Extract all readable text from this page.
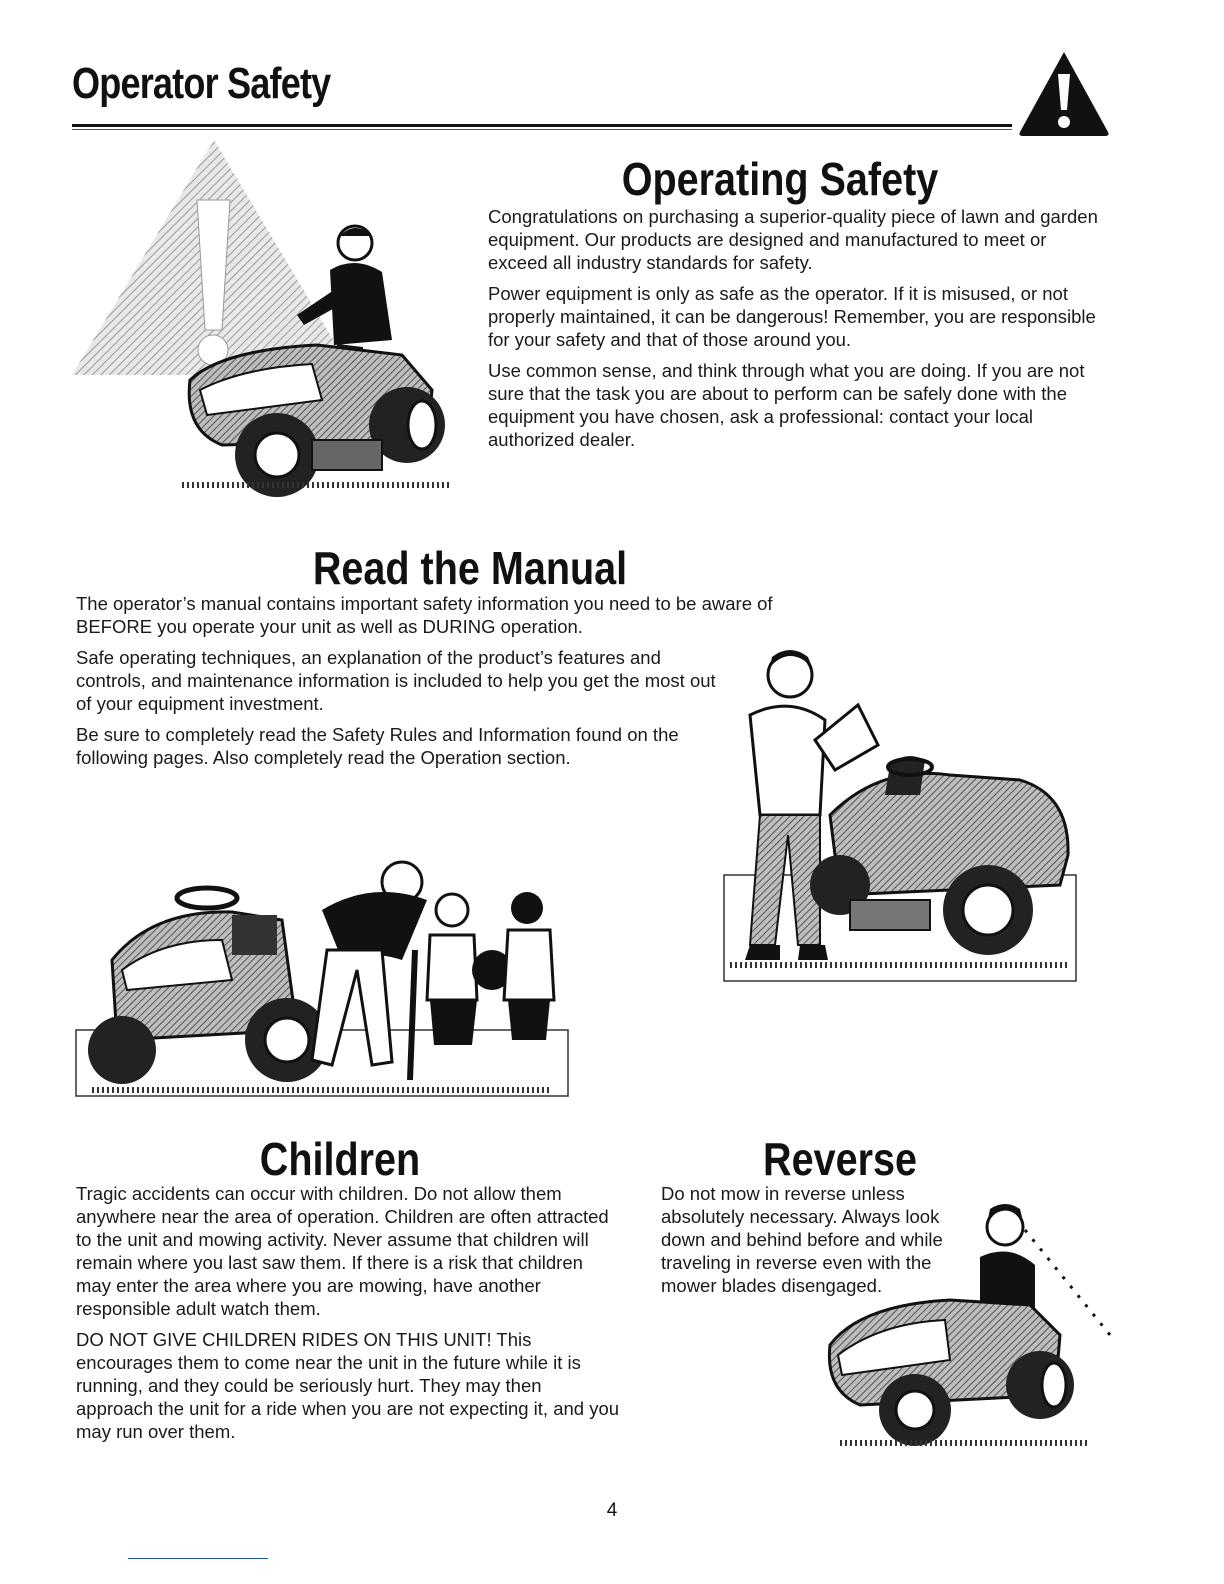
Operator Safety
Operating Safety

Congratulations on purchasing a superior-quality piece of lawn and garden equipment. Our products are designed and manufactured to meet or exceed all industry standards for safety.

Power equipment is only as safe as the operator. If it is misused, or not properly maintained, it can be dangerous! Remember, you are responsible for your safety and that of those around you.

Use common sense, and think through what you are doing. If you are not sure that the task you are about to perform can be safely done with the equipment you have chosen, ask a professional: contact your local authorized dealer.

Read the Manual

The operator’s manual contains important safety information you need to be aware of BEFORE you operate your unit as well as DURING operation.

Safe operating techniques, an explanation of the product’s features and controls, and maintenance information is included to help you get the most out of your equipment investment.

Be sure to completely read the Safety Rules and Information found on the following pages. Also completely read the Operation section.

Children

Tragic accidents can occur with children. Do not allow them anywhere near the area of operation. Children are often attracted to the unit and mowing activity. Never assume that children will remain where you last saw them. If there is a risk that children may enter the area where you are mowing, have another responsible adult watch them.

DO NOT GIVE CHILDREN RIDES ON THIS UNIT! This encourages them to come near the unit in the future while it is running, and they could be seriously hurt. They may then approach the unit for a ride when you are not expecting it, and you may run over them.

Reverse

Do not mow in reverse unless absolutely necessary. Always look down and behind before and while traveling in reverse even with the mower blades disengaged.

4
